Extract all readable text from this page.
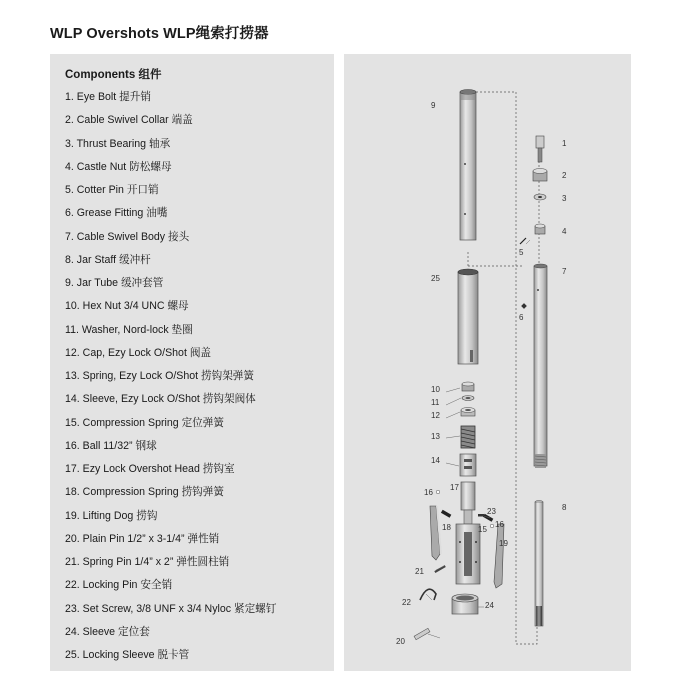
WLP Overshots WLP绳索打捞器
Components 组件
1. Eye Bolt 提升销
2. Cable Swivel Collar 端盖
3. Thrust Bearing 轴承
4. Castle Nut 防松螺母
5. Cotter Pin 开口销
6. Grease Fitting 油嘴
7. Cable Swivel Body 接头
8. Jar Staff 缓冲杆
9. Jar Tube 缓冲套管
10. Hex Nut 3/4 UNC 螺母
11. Washer, Nord-lock 垫圈
12. Cap, Ezy Lock O/Shot 阀盖
13. Spring, Ezy Lock O/Shot 捞钩架弹簧
14. Sleeve, Ezy Lock O/Shot 捞钩架阀体
15. Compression Spring 定位弹簧
16. Ball 11/32” 钢球
17. Ezy Lock Overshot Head 捞钩室
18. Compression Spring 捞钩弹簧
19. Lifting Dog 捞钩
20. Plain Pin 1/2” x 3-1/4” 弹性销
21. Spring Pin 1/4” x 2” 弹性圆柱销
22. Locking Pin 安全销
23. Set Screw, 3/8 UNF x 3/4 Nyloc 紧定螺钉
24. Sleeve 定位套
25. Locking Sleeve 脱卡管
9
1
2
3
4
5
25
7
6
10
11
12
13
14
17
16
23
16
18	15
19
8
21
22	24
20
